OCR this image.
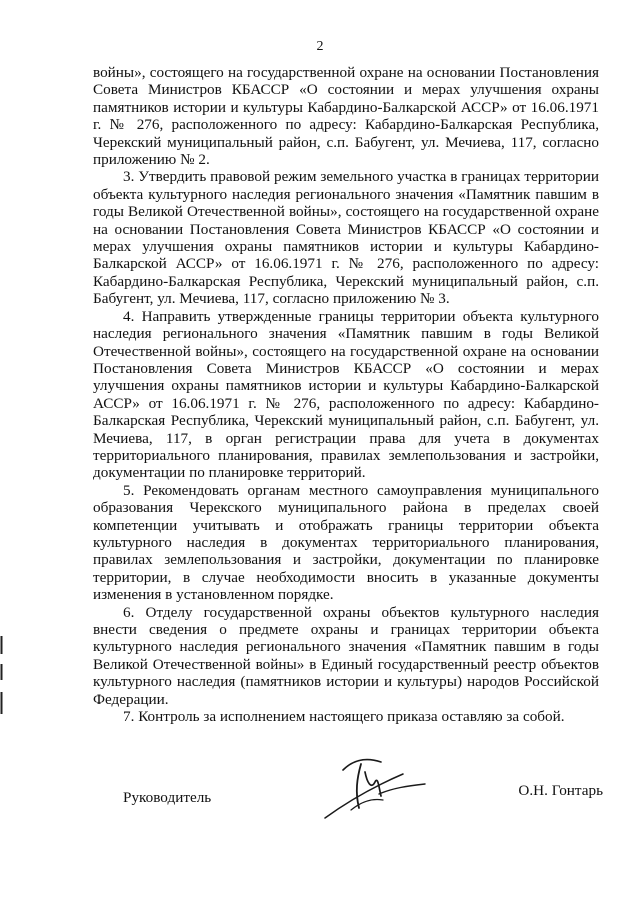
2

войны», состоящего на государственной охране на основании Постановления Совета Министров КБАССР «О состоянии и мерах улучшения охраны памятников истории и культуры Кабардино-Балкарской АССР» от 16.06.1971 г. № 276, расположенного по адресу: Кабардино-Балкарская Республика, Черекский муниципальный район, с.п. Бабугент, ул. Мечиева, 117, согласно приложению № 2.

3. Утвердить правовой режим земельного участка в границах территории объекта культурного наследия регионального значения «Памятник павшим в годы Великой Отечественной войны», состоящего на государственной охране на основании Постановления Совета Министров КБАССР «О состоянии и мерах улучшения охраны памятников истории и культуры Кабардино-Балкарской АССР» от 16.06.1971 г. № 276, расположенного по адресу: Кабардино-Балкарская Республика, Черекский муниципальный район, с.п. Бабугент, ул. Мечиева, 117, согласно приложению № 3.

4. Направить утвержденные границы территории объекта культурного наследия регионального значения «Памятник павшим в годы Великой Отечественной войны», состоящего на государственной охране на основании Постановления Совета Министров КБАССР «О состоянии и мерах улучшения охраны памятников истории и культуры Кабардино-Балкарской АССР» от 16.06.1971 г. № 276, расположенного по адресу: Кабардино-Балкарская Республика, Черекский муниципальный район, с.п. Бабугент, ул. Мечиева, 117, в орган регистрации права для учета в документах территориального планирования, правилах землепользования и застройки, документации по планировке территорий.

5. Рекомендовать органам местного самоуправления муниципального образования Черекского муниципального района в пределах своей компетенции учитывать и отображать границы территории объекта культурного наследия в документах территориального планирования, правилах землепользования и застройки, документации по планировке территории, в случае необходимости вносить в указанные документы изменения в установленном порядке.

6. Отделу государственной охраны объектов культурного наследия внести сведения о предмете охраны и границах территории объекта культурного наследия регионального значения «Памятник павшим в годы Великой Отечественной войны» в Единый государственный реестр объектов культурного наследия (памятников истории и культуры) народов Российской Федерации.

7. Контроль за исполнением настоящего приказа оставляю за собой.

Руководитель	О.Н. Гонтарь
